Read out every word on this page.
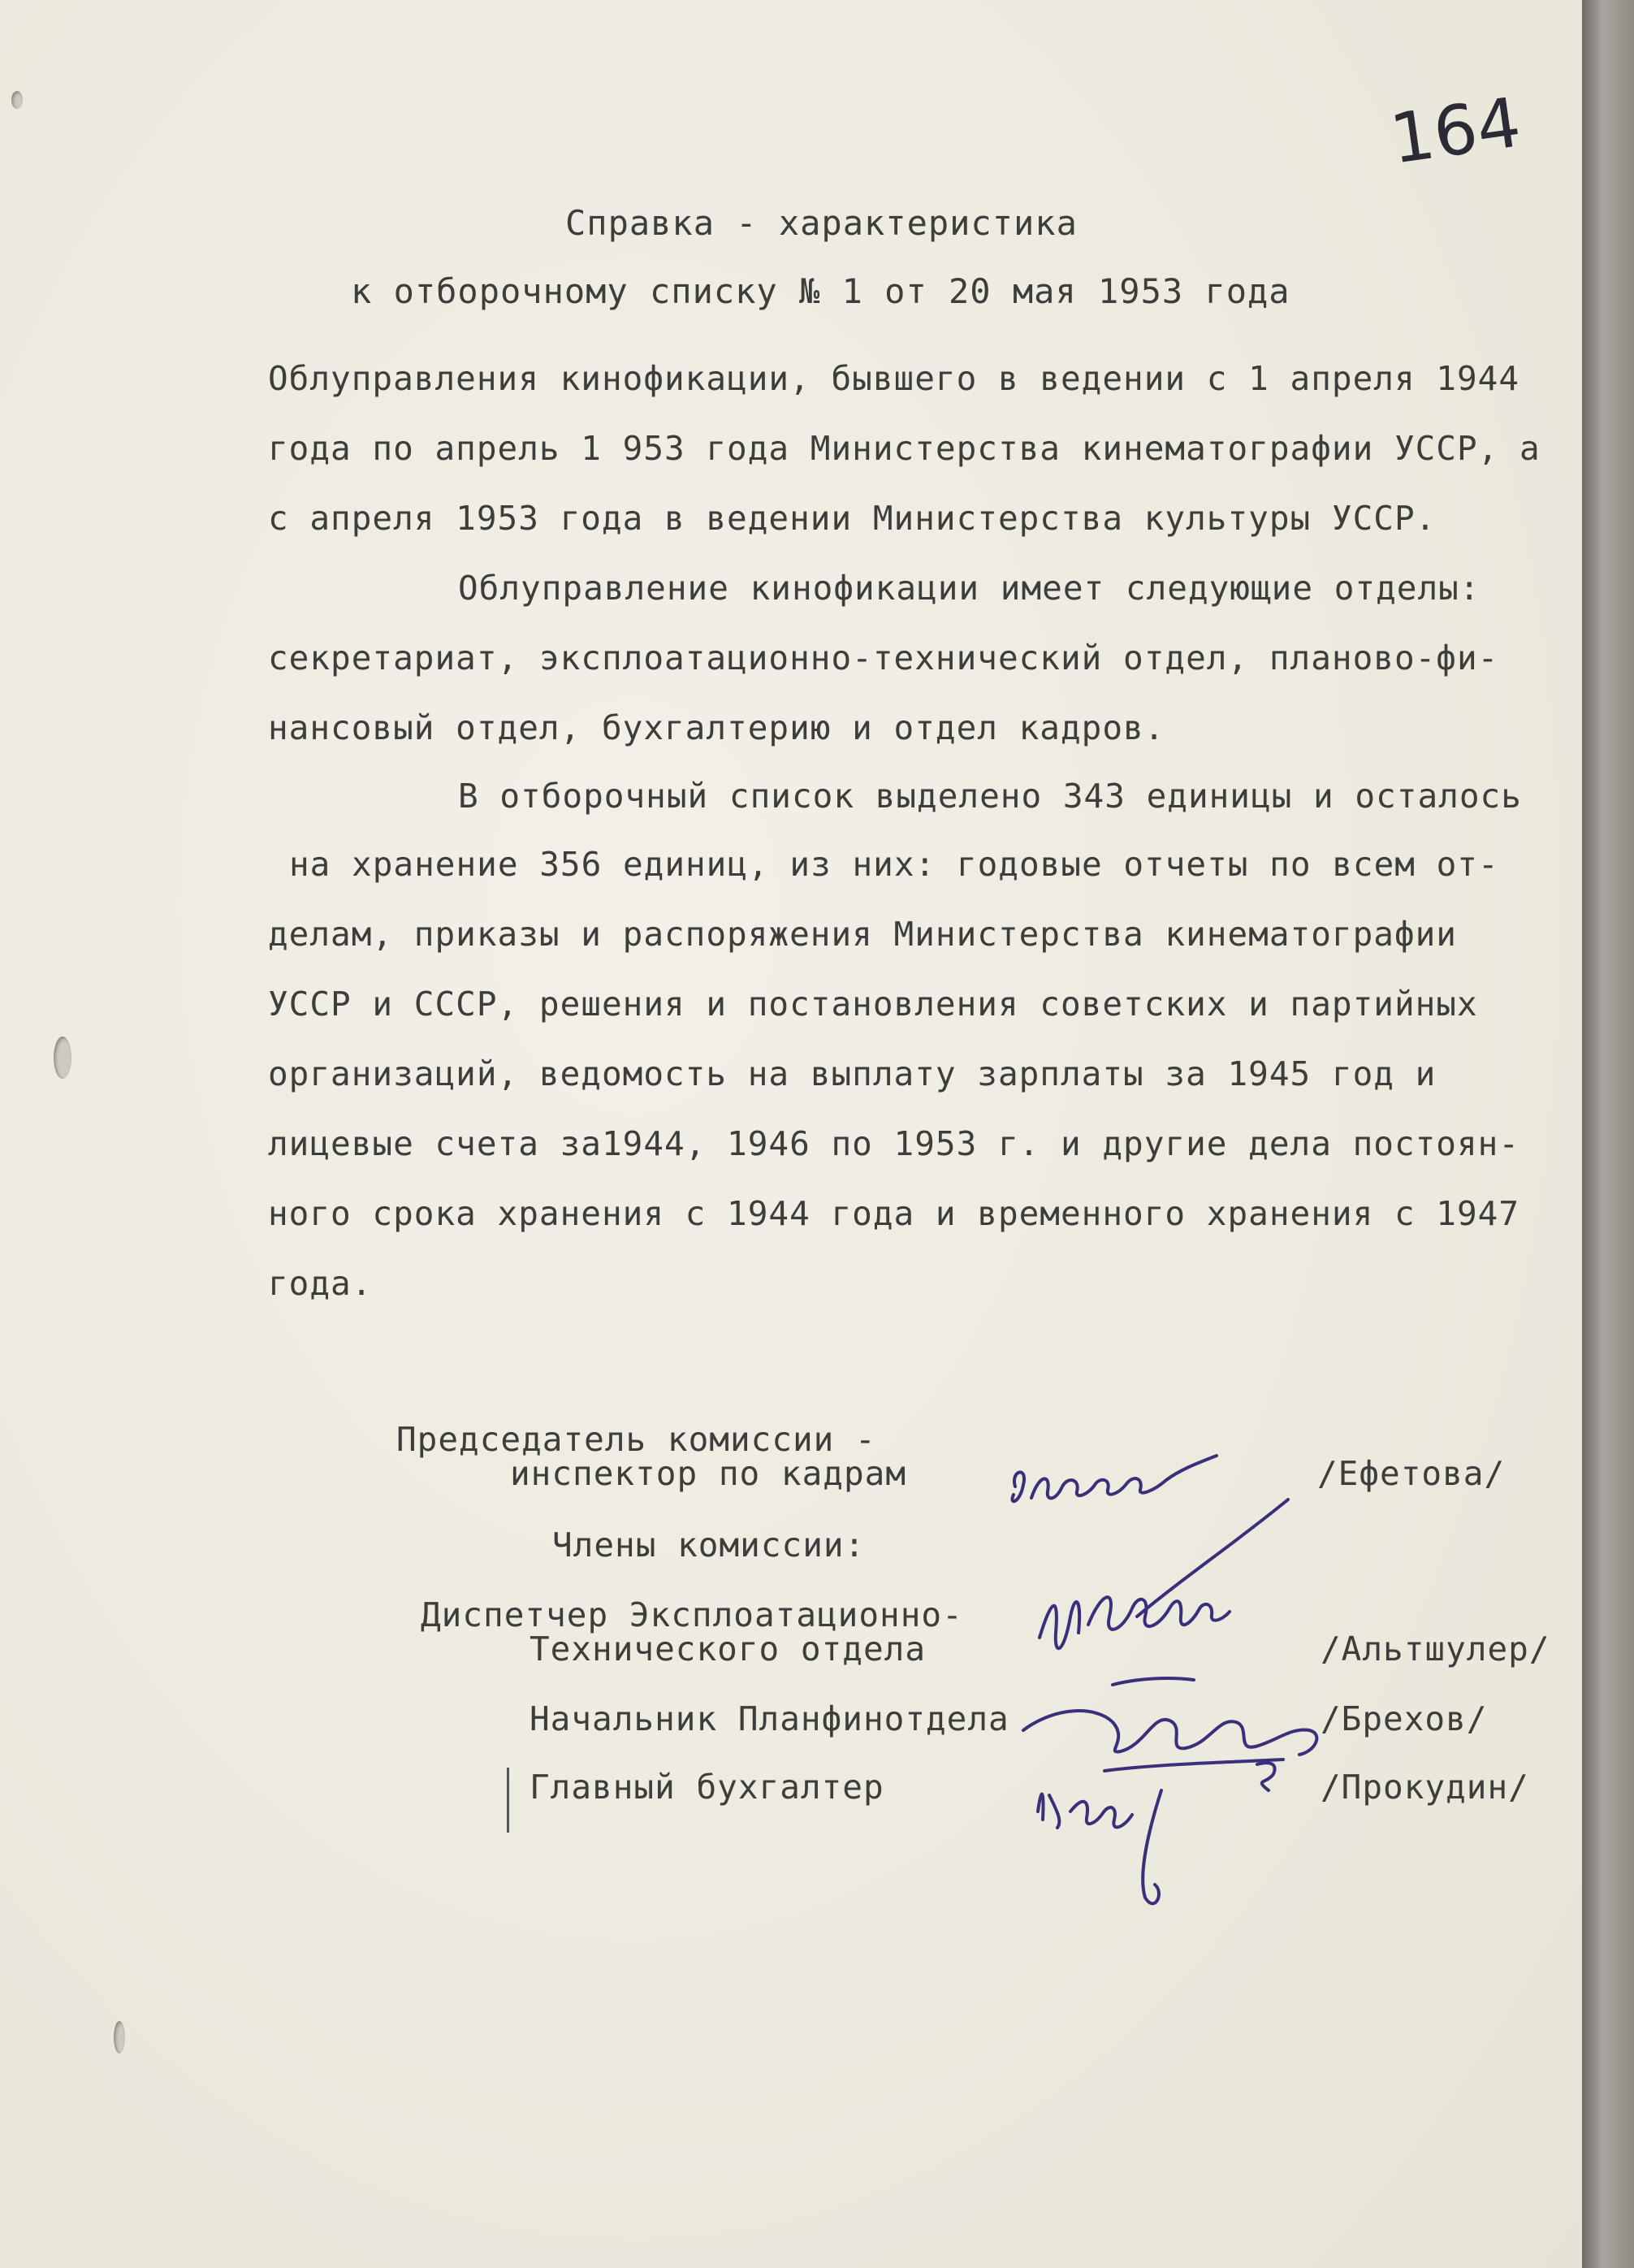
164
Справка - характеристика
к отборочному списку № 1 от 20 мая 1953 года
Облуправления кинофикации, бывшего в ведении с 1 апреля 1944
года по апрель 1 953 года Министерства кинематографии УССР, а
с апреля 1953 года в ведении Министерства культуры УССР.
Облуправление кинофикации имеет следующие отделы:
секретариат, эксплоатационно-технический отдел, планово-фи-
нансовый отдел, бухгалтерию и отдел кадров.
В отборочный список выделено 343 единицы и осталось
на хранение 356 единиц, из них: годовые отчеты по всем от-
делам, приказы и распоряжения Министерства кинематографии
УССР и СССР, решения и постановления советских и партийных
организаций, ведомость на выплату зарплаты за 1945 год и
лицевые счета за1944, 1946 по 1953 г. и другие дела постоян-
ного срока хранения с 1944 года и временного хранения с 1947
года.
Председатель комиссии -
инспектор по кадрам	/Ефетова/
Члены комиссии:
Диспетчер Эксплоатационно-
Технического отдела	/Альтшулер/
Начальник Планфинотдела	/Брехов/
Главный бухгалтер	/Прокудин/
